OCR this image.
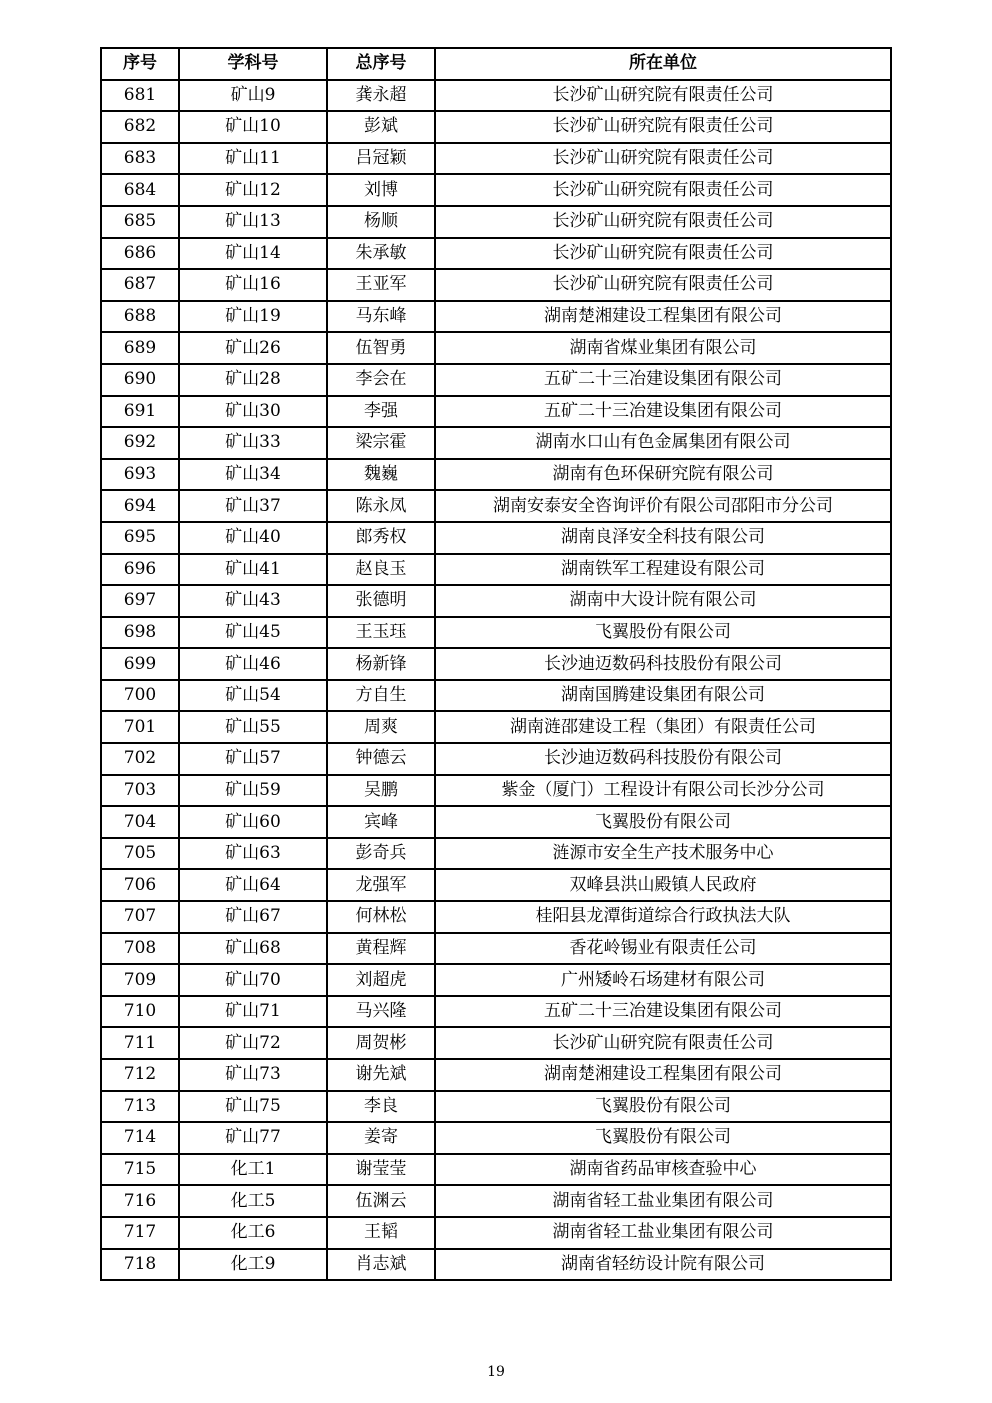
序号	学科号	总序号	所在单位
681	矿山9	龚永超	长沙矿山研究院有限责任公司
682	矿山10	彭斌	长沙矿山研究院有限责任公司
683	矿山11	吕冠颖	长沙矿山研究院有限责任公司
684	矿山12	刘博	长沙矿山研究院有限责任公司
685	矿山13	杨顺	长沙矿山研究院有限责任公司
686	矿山14	朱承敏	长沙矿山研究院有限责任公司
687	矿山16	王亚军	长沙矿山研究院有限责任公司
688	矿山19	马东峰	湖南楚湘建设工程集团有限公司
689	矿山26	伍智勇	湖南省煤业集团有限公司
690	矿山28	李会在	五矿二十三冶建设集团有限公司
691	矿山30	李强	五矿二十三冶建设集团有限公司
692	矿山33	梁宗霍	湖南水口山有色金属集团有限公司
693	矿山34	魏巍	湖南有色环保研究院有限公司
694	矿山37	陈永凤	湖南安泰安全咨询评价有限公司邵阳市分公司
695	矿山40	郎秀权	湖南良泽安全科技有限公司
696	矿山41	赵良玉	湖南铁军工程建设有限公司
697	矿山43	张德明	湖南中大设计院有限公司
698	矿山45	王玉珏	飞翼股份有限公司
699	矿山46	杨新锋	长沙迪迈数码科技股份有限公司
700	矿山54	方自生	湖南国腾建设集团有限公司
701	矿山55	周爽	湖南涟邵建设工程（集团）有限责任公司
702	矿山57	钟德云	长沙迪迈数码科技股份有限公司
703	矿山59	吴鹏	紫金（厦门）工程设计有限公司长沙分公司
704	矿山60	宾峰	飞翼股份有限公司
705	矿山63	彭奇兵	涟源市安全生产技术服务中心
706	矿山64	龙强军	双峰县洪山殿镇人民政府
707	矿山67	何林松	桂阳县龙潭街道综合行政执法大队
708	矿山68	黄程辉	香花岭锡业有限责任公司
709	矿山70	刘超虎	广州矮岭石场建材有限公司
710	矿山71	马兴隆	五矿二十三冶建设集团有限公司
711	矿山72	周贺彬	长沙矿山研究院有限责任公司
712	矿山73	谢先斌	湖南楚湘建设工程集团有限公司
713	矿山75	李良	飞翼股份有限公司
714	矿山77	姜寄	飞翼股份有限公司
715	化工1	谢莹莹	湖南省药品审核查验中心
716	化工5	伍渊云	湖南省轻工盐业集团有限公司
717	化工6	王韬	湖南省轻工盐业集团有限公司
718	化工9	肖志斌	湖南省轻纺设计院有限公司
19
